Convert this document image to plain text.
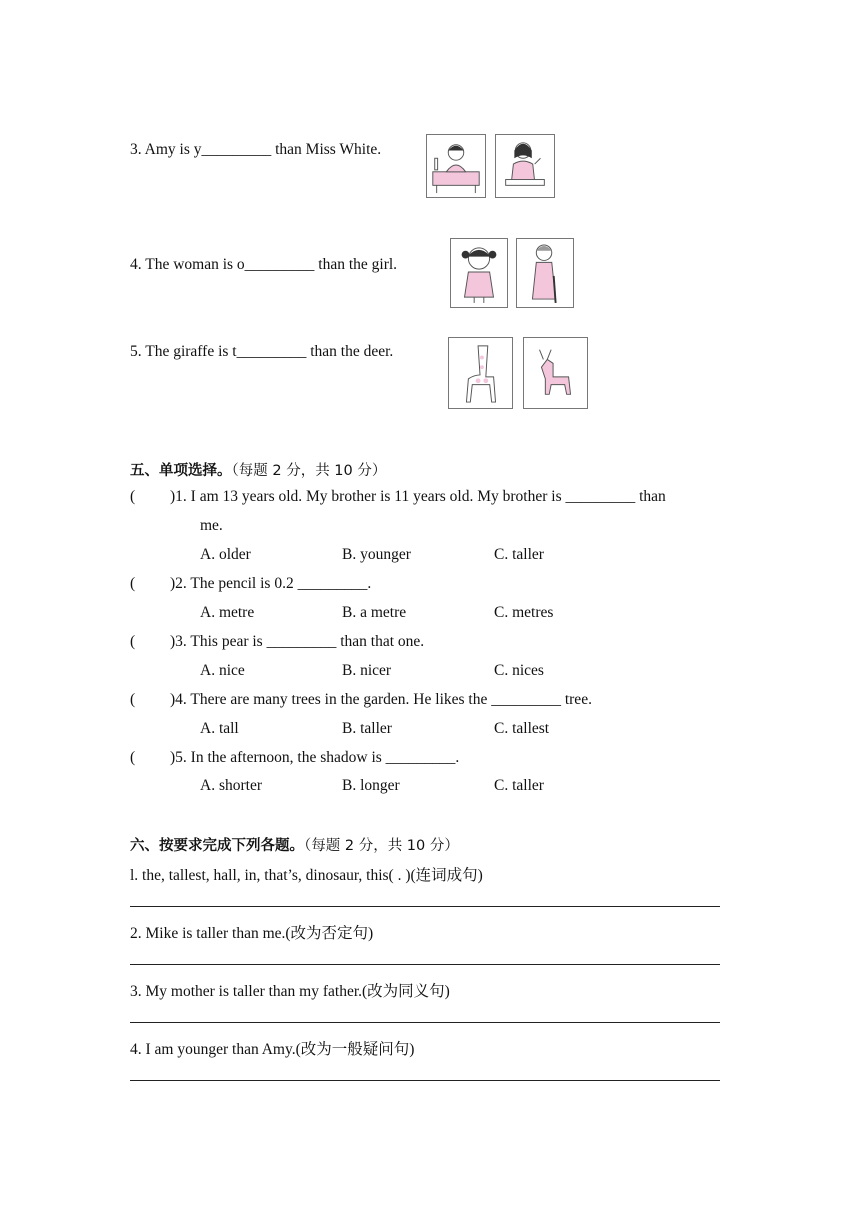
3. Amy is y_________ than Miss White.
4. The woman is o_________ than the girl.
5. The giraffe is t_________ than the deer.
五、单项选择。（每题 2 分，共 10 分）
( )1. I am 13 years old. My brother is 11 years old. My brother is _________ than
me.
A. older	B. younger	C. taller
( )2. The pencil is 0.2 _________.
A. metre	B. a metre	C. metres
( )3. This pear is _________ than that one.
A. nice	B. nicer	C. nices
( )4. There are many trees in the garden. He likes the _________ tree.
A. tall	B. taller	C. tallest
( )5. In the afternoon, the shadow is _________.
A. shorter	B. longer	C. taller
六、按要求完成下列各题。（每题 2 分，共 10 分）
l. the, tallest, hall, in, that’s, dinosaur, this( . )(连词成句)
2. Mike is taller than me.(改为否定句)
3. My mother is taller than my father.(改为同义句)
4. I am younger than Amy.(改为一般疑问句)
